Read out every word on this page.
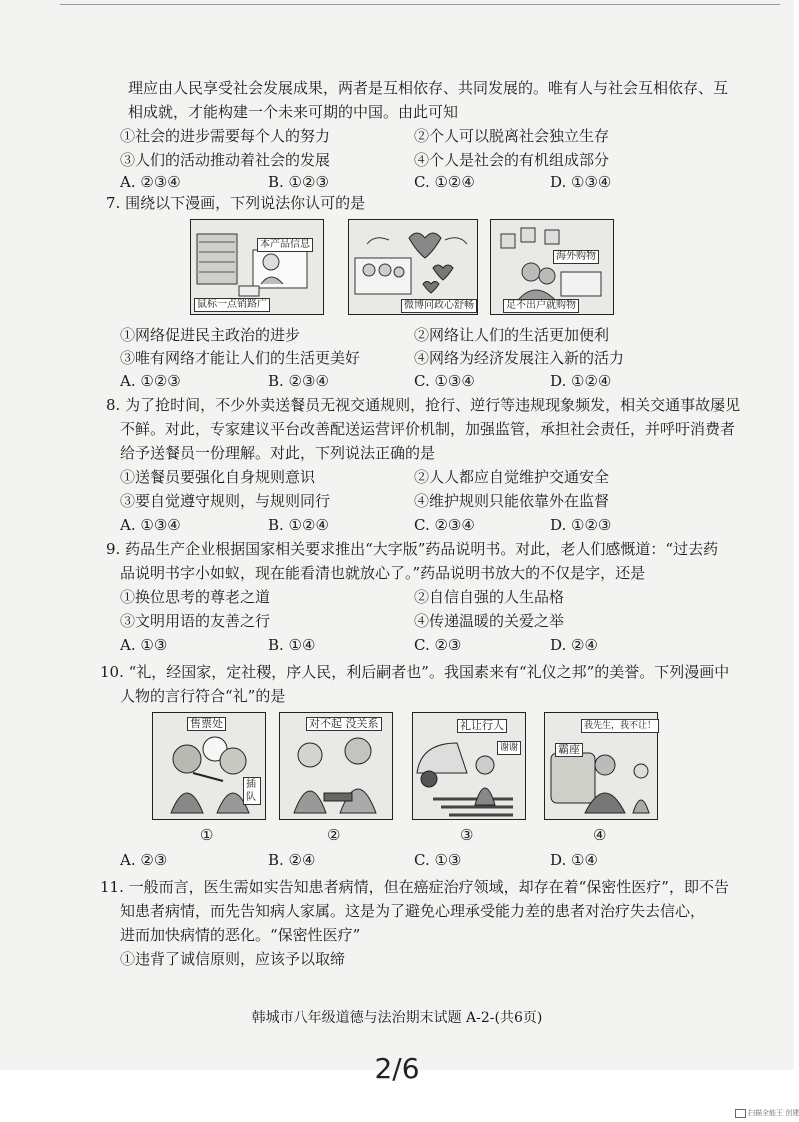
理应由人民享受社会发展成果，两者是互相依存、共同发展的。唯有人与社会互相依存、互
相成就，才能构建一个未来可期的中国。由此可知
①社会的进步需要每个人的努力	②个人可以脱离社会独立生存
③人们的活动推动着社会的发展	④个人是社会的有机组成部分
A. ②③④	B. ①②③	C. ①②④	D. ①③④
7. 围绕以下漫画，下列说法你认可的是
本产品信息
鼠标一点销路广	微博问政心舒畅
海外购物
足不出户就购物
①网络促进民主政治的进步	②网络让人们的生活更加便利
③唯有网络才能让人们的生活更美好	④网络为经济发展注入新的活力
A. ①②③	B. ②③④	C. ①③④	D. ①②④
8. 为了抢时间，不少外卖送餐员无视交通规则，抢行、逆行等违规现象频发，相关交通事故屡见
不鲜。对此，专家建议平台改善配送运营评价机制，加强监管，承担社会责任，并呼吁消费者
给予送餐员一份理解。对此，下列说法正确的是
①送餐员要强化自身规则意识	②人人都应自觉维护交通安全
③要自觉遵守规则，与规则同行	④维护规则只能依靠外在监督
A. ①③④	B. ①②④	C. ②③④	D. ①②③
9. 药品生产企业根据国家相关要求推出“大字版”药品说明书。对此，老人们感慨道：“过去药
品说明书字小如蚁，现在能看清也就放心了。”药品说明书放大的不仅是字，还是
①换位思考的尊老之道	②自信自强的人生品格
③文明用语的友善之行	④传递温暖的关爱之举
A. ①③	B. ①④	C. ②③	D. ②④
10. “礼，经国家，定社稷，序人民，利后嗣者也”。我国素来有“礼仪之邦”的美誉。下列漫画中
人物的言行符合“礼”的是
售票处
插队
对不起 没关系	礼让行人
谢谢
我先生，我不让！
霸座
①	②	③	④
A. ②③	B. ②④	C. ①③	D. ①④
11. 一般而言，医生需如实告知患者病情，但在癌症治疗领域，却存在着“保密性医疗”，即不告
知患者病情，而先告知病人家属。这是为了避免心理承受能力差的患者对治疗失去信心，
进而加快病情的恶化。“保密性医疗”
①违背了诚信原则，应该予以取缔
韩城市八年级道德与法治期末试题 A-2-(共6页)
2/6
扫描全能王 创建
